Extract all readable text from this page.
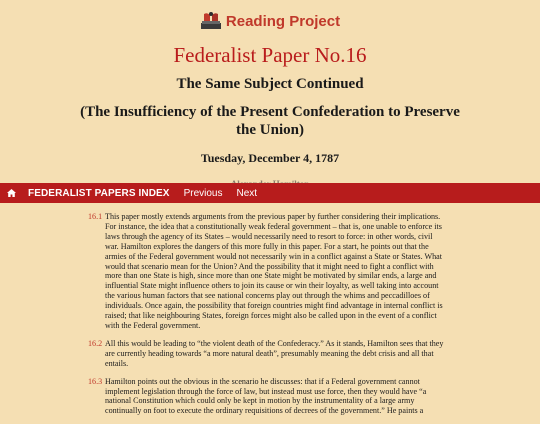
Reading Project
Federalist Paper No.16
The Same Subject Continued
(The Insufficiency of the Present Confederation to Preserve the Union)
Tuesday, December 4, 1787
FEDERALIST PAPERS INDEX Previous Next
16.1 This paper mostly extends arguments from the previous paper by further considering their implications. For instance, the idea that a constitutionally weak federal government – that is, one unable to enforce its laws through the agency of its States – would necessarily need to resort to force: in other words, civil war. Hamilton explores the dangers of this more fully in this paper. For a start, he points out that the armies of the Federal government would not necessarily win in a conflict against a State or States. What would that scenario mean for the Union? And the possibility that it might need to fight a conflict with more than one State is high, since more than one State might be motivated by similar ends, a large and influential State might influence others to join its cause or win their loyalty, as well taking into account the various human factors that see national concerns play out through the whims and peccadilloes of individuals. Once again, the possibility that foreign countries might find advantage in internal conflict is raised; that like neighbouring States, foreign forces might also be called upon in the event of a conflict with the Federal government.
16.2 All this would be leading to “the violent death of the Confederacy.” As it stands, Hamilton sees that they are currently heading towards “a more natural death”, presumably meaning the debt crisis and all that entails.
16.3 Hamilton points out the obvious in the scenario he discusses: that if a Federal government cannot implement legislation through the force of law, but instead must use force, then they would have “a national Constitution which could only be kept in motion by the instrumentality of a large army continually on foot to execute the ordinary requisitions of decrees of the government.” He paints a
